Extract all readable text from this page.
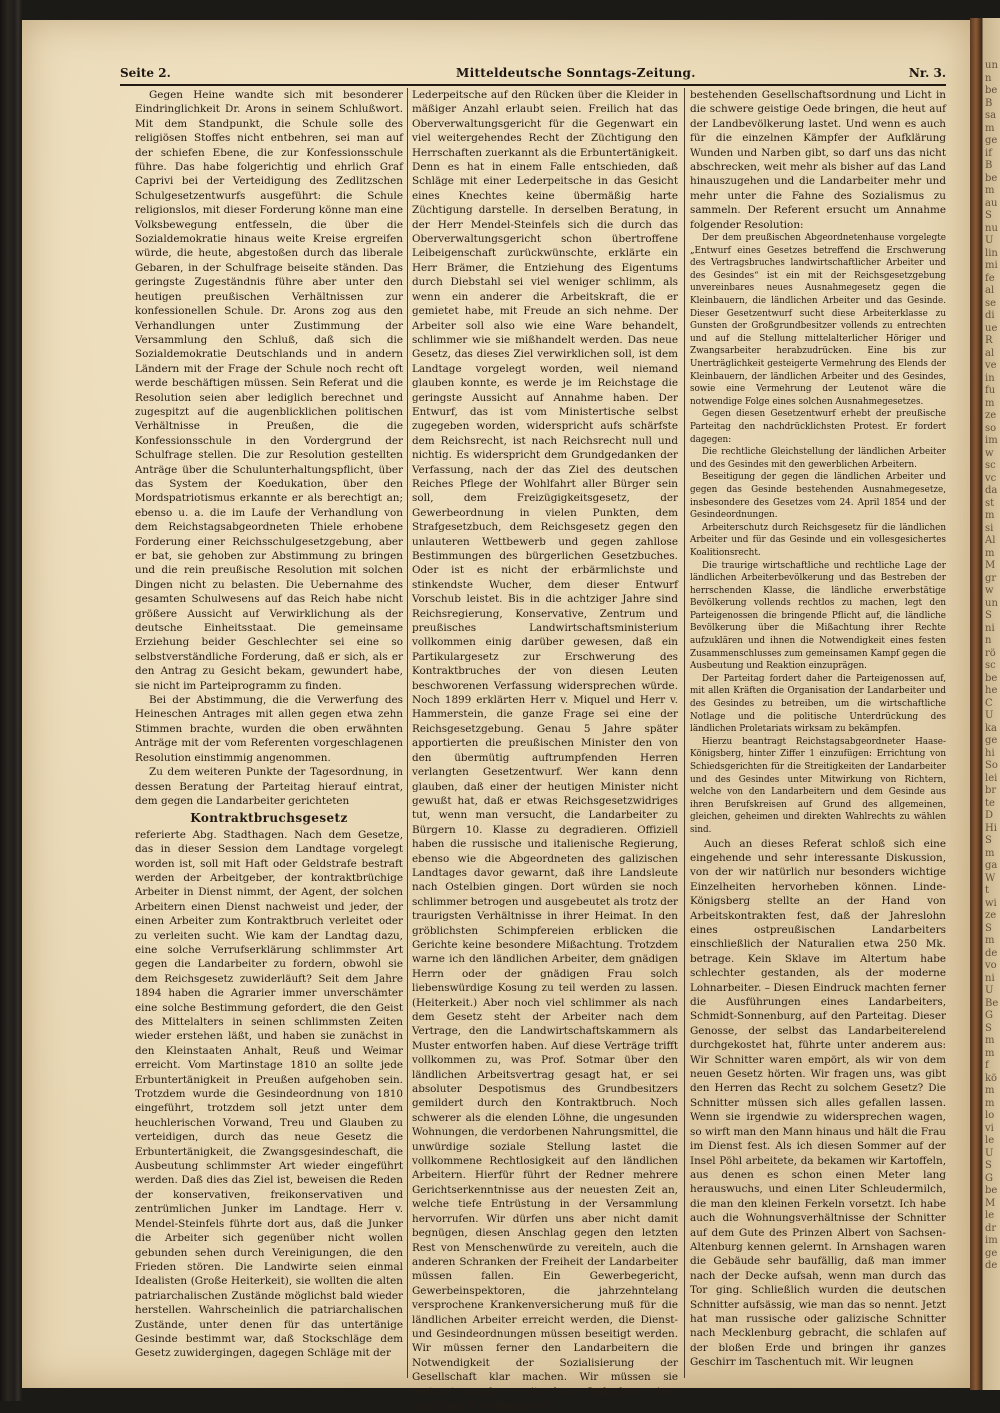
un
n
be
B
sa
m
ge
if
B
be
m
au
S
nu
U
lin
mi
fe
al
se
di
ue
R
al
ve
in
fu
m
ze
so
im
w
sc
vc
da
st
m
si
Al
m
M
gr
w
un
S
ni
n
rö
sc
be
he
C
U
ka
ge
hi
So
lei
br
te
D
Hi
S
m
ga
W
t
wi
ze
S
m
de
vo
ni
U
Be
G
S
m
m
f
kö
m
m
lo
vi
le
U
S
G
be
M
le
dr
im
ge
de
Seite 2.	Mitteldeutsche Sonntags-Zeitung.	Nr. 3.

Gegen Heine wandte sich mit besonderer Eindringlichkeit Dr. Arons in seinem Schlußwort. Mit dem Standpunkt, die Schule solle des religiösen Stoffes nicht entbehren, sei man auf der schiefen Ebene, die zur Konfessionsschule führe. Das habe folgerichtig und ehrlich Graf Caprivi bei der Verteidigung des Zedlitzschen Schulgesetzentwurfs ausgeführt: die Schule religionslos, mit dieser Forderung könne man eine Volksbewegung entfesseln, die über die Sozialdemokratie hinaus weite Kreise ergreifen würde, die heute, abgestoßen durch das liberale Gebaren, in der Schulfrage beiseite ständen. Das geringste Zugeständnis führe aber unter den heutigen preußischen Verhältnissen zur konfessionellen Schule. Dr. Arons zog aus den Verhandlungen unter Zustimmung der Versammlung den Schluß, daß sich die Sozialdemokratie Deutschlands und in andern Ländern mit der Frage der Schule noch recht oft werde beschäftigen müssen. Sein Referat und die Resolution seien aber lediglich berechnet und zugespitzt auf die augenblicklichen politischen Verhältnisse in Preußen, die die Konfessionsschule in den Vordergrund der Schulfrage stellen. Die zur Resolution gestellten Anträge über die Schulunterhaltungspflicht, über das System der Koedukation, über den Mordspatriotismus erkannte er als berechtigt an; ebenso u. a. die im Laufe der Verhandlung von dem Reichstagsabgeordneten Thiele erhobene Forderung einer Reichsschulgesetzgebung, aber er bat, sie gehoben zur Abstimmung zu bringen und die rein preußische Resolution mit solchen Dingen nicht zu belasten. Die Uebernahme des gesamten Schulwesens auf das Reich habe nicht größere Aussicht auf Verwirklichung als der deutsche Einheitsstaat. Die gemeinsame Erziehung beider Geschlechter sei eine so selbstverständliche Forderung, daß er sich, als er den Antrag zu Gesicht bekam, gewundert habe, sie nicht im Parteiprogramm zu finden.

Bei der Abstimmung, die die Verwerfung des Heineschen Antrages mit allen gegen etwa zehn Stimmen brachte, wurden die oben erwähnten Anträge mit der vom Referenten vorgeschlagenen Resolution einstimmig angenommen.

Zu dem weiteren Punkte der Tagesordnung, in dessen Beratung der Parteitag hierauf eintrat, dem gegen die Landarbeiter gerichteten

Kontraktbruchsgesetz

referierte Abg. Stadthagen. Nach dem Gesetze, das in dieser Session dem Landtage vorgelegt worden ist, soll mit Haft oder Geldstrafe bestraft werden der Arbeitgeber, der kontraktbrüchige Arbeiter in Dienst nimmt, der Agent, der solchen Arbeitern einen Dienst nachweist und jeder, der einen Arbeiter zum Kontraktbruch verleitet oder zu verleiten sucht. Wie kam der Landtag dazu, eine solche Verrufserklärung schlimmster Art gegen die Landarbeiter zu fordern, obwohl sie dem Reichsgesetz zuwiderläuft? Seit dem Jahre 1894 haben die Agrarier immer unverschämter eine solche Bestimmung gefordert, die den Geist des Mittelalters in seinen schlimmsten Zeiten wieder erstehen läßt, und haben sie zunächst in den Kleinstaaten Anhalt, Reuß und Weimar erreicht. Vom Martinstage 1810 an sollte jede Erbuntertänigkeit in Preußen aufgehoben sein. Trotzdem wurde die Gesindeordnung von 1810 eingeführt, trotzdem soll jetzt unter dem heuchlerischen Vorwand, Treu und Glauben zu verteidigen, durch das neue Gesetz die Erbuntertänigkeit, die Zwangsgesindeschaft, die Ausbeutung schlimmster Art wieder eingeführt werden. Daß dies das Ziel ist, beweisen die Reden der konservativen, freikonservativen und zentrümlichen Junker im Landtage. Herr v. Mendel-Steinfels führte dort aus, daß die Junker die Arbeiter sich gegenüber nicht wollen gebunden sehen durch Vereinigungen, die den Frieden stören. Die Landwirte seien einmal Idealisten (Große Heiterkeit), sie wollten die alten patriarchalischen Zustände möglichst bald wieder herstellen. Wahrscheinlich die patriarchalischen Zustände, unter denen für das untertänige Gesinde bestimmt war, daß Stockschläge dem Gesetz zuwidergingen, dagegen Schläge mit der

Lederpeitsche auf den Rücken über die Kleider in mäßiger Anzahl erlaubt seien. Freilich hat das Oberverwaltungsgericht für die Gegenwart ein viel weitergehendes Recht der Züchtigung den Herrschaften zuerkannt als die Erbuntertänigkeit. Denn es hat in einem Falle entschieden, daß Schläge mit einer Lederpeitsche in das Gesicht eines Knechtes keine übermäßig harte Züchtigung darstelle. In derselben Beratung, in der Herr Mendel-Steinfels sich die durch das Oberverwaltungsgericht schon übertroffene Leibeigenschaft zurückwünschte, erklärte ein Herr Brämer, die Entziehung des Eigentums durch Diebstahl sei viel weniger schlimm, als wenn ein anderer die Arbeitskraft, die er gemietet habe, mit Freude an sich nehme. Der Arbeiter soll also wie eine Ware behandelt, schlimmer wie sie mißhandelt werden. Das neue Gesetz, das dieses Ziel verwirklichen soll, ist dem Landtage vorgelegt worden, weil niemand glauben konnte, es werde je im Reichstage die geringste Aussicht auf Annahme haben. Der Entwurf, das ist vom Ministertische selbst zugegeben worden, widerspricht aufs schärfste dem Reichsrecht, ist nach Reichsrecht null und nichtig. Es widerspricht dem Grundgedanken der Verfassung, nach der das Ziel des deutschen Reiches Pflege der Wohlfahrt aller Bürger sein soll, dem Freizügigkeitsgesetz, der Gewerbeordnung in vielen Punkten, dem Strafgesetzbuch, dem Reichsgesetz gegen den unlauteren Wettbewerb und gegen zahllose Bestimmungen des bürgerlichen Gesetzbuches. Oder ist es nicht der erbärmlichste und stinkendste Wucher, dem dieser Entwurf Vorschub leistet. Bis in die achtziger Jahre sind Reichsregierung, Konservative, Zentrum und preußisches Landwirtschaftsministerium vollkommen einig darüber gewesen, daß ein Partikulargesetz zur Erschwerung des Kontraktbruches der von diesen Leuten beschworenen Verfassung widersprechen würde. Noch 1899 erklärten Herr v. Miquel und Herr v. Hammerstein, die ganze Frage sei eine der Reichsgesetzgebung. Genau 5 Jahre später apportierten die preußischen Minister den von den übermütig auftrumpfenden Herren verlangten Gesetzentwurf. Wer kann denn glauben, daß einer der heutigen Minister nicht gewußt hat, daß er etwas Reichsgesetzwidriges tut, wenn man versucht, die Landarbeiter zu Bürgern 10. Klasse zu degradieren. Offiziell haben die russische und italienische Regierung, ebenso wie die Abgeordneten des galizischen Landtages davor gewarnt, daß ihre Landsleute nach Ostelbien gingen. Dort würden sie noch schlimmer betrogen und ausgebeutet als trotz der traurigsten Verhältnisse in ihrer Heimat. In den gröblichsten Schimpfereien erblicken die Gerichte keine besondere Mißachtung. Trotzdem warne ich den ländlichen Arbeiter, dem gnädigen Herrn oder der gnädigen Frau solch liebenswürdige Kosung zu teil werden zu lassen. (Heiterkeit.) Aber noch viel schlimmer als nach dem Gesetz steht der Arbeiter nach dem Vertrage, den die Landwirtschaftskammern als Muster entworfen haben. Auf diese Verträge trifft vollkommen zu, was Prof. Sotmar über den ländlichen Arbeitsvertrag gesagt hat, er sei absoluter Despotismus des Grundbesitzers gemildert durch den Kontraktbruch. Noch schwerer als die elenden Löhne, die ungesunden Wohnungen, die verdorbenen Nahrungsmittel, die unwürdige soziale Stellung lastet die vollkommene Rechtlosigkeit auf den ländlichen Arbeitern. Hierfür führt der Redner mehrere Gerichtserkenntnisse aus der neuesten Zeit an, welche tiefe Entrüstung in der Versammlung hervorrufen. Wir dürfen uns aber nicht damit begnügen, diesen Anschlag gegen den letzten Rest von Menschenwürde zu vereiteln, auch die anderen Schranken der Freiheit der Landarbeiter müssen fallen. Ein Gewerbegericht, Gewerbeinspektoren, die jahrzehntelang versprochene Krankenversicherung muß für die ländlichen Arbeiter erreicht werden, die Dienst- und Gesindeordnungen müssen beseitigt werden. Wir müssen ferner den Landarbeitern die Notwendigkeit der Sozialisierung der Gesellschaft klar machen. Wir müssen sie vertraut machen mit dem Gedanken einer endlichen Beseitigung der

bestehenden Gesellschaftsordnung und Licht in die schwere geistige Oede bringen, die heut auf der Landbevölkerung lastet. Und wenn es auch für die einzelnen Kämpfer der Aufklärung Wunden und Narben gibt, so darf uns das nicht abschrecken, weit mehr als bisher auf das Land hinauszugehen und die Landarbeiter mehr und mehr unter die Fahne des Sozialismus zu sammeln. Der Referent ersucht um Annahme folgender Resolution:

Der dem preußischen Abgeordnetenhause vorgelegte „Entwurf eines Gesetzes betreffend die Erschwerung des Vertragsbruches landwirtschaftlicher Arbeiter und des Gesindes“ ist ein mit der Reichsgesetzgebung unvereinbares neues Ausnahmegesetz gegen die Kleinbauern, die ländlichen Arbeiter und das Gesinde. Dieser Gesetzentwurf sucht diese Arbeiterklasse zu Gunsten der Großgrundbesitzer vollends zu entrechten und auf die Stellung mittelalterlicher Höriger und Zwangsarbeiter herabzudrücken. Eine bis zur Unerträglichkeit gesteigerte Vermehrung des Elends der Kleinbauern, der ländlichen Arbeiter und des Gesindes, sowie eine Vermehrung der Leutenot wäre die notwendige Folge eines solchen Ausnahmegesetzes.

Gegen diesen Gesetzentwurf erhebt der preußische Parteitag den nachdrücklichsten Protest. Er fordert dagegen:

Die rechtliche Gleichstellung der ländlichen Arbeiter und des Gesindes mit den gewerblichen Arbeitern.

Beseitigung der gegen die ländlichen Arbeiter und gegen das Gesinde bestehenden Ausnahmegesetze, insbesondere des Gesetzes vom 24. April 1854 und der Gesindeordnungen.

Arbeiterschutz durch Reichsgesetz für die ländlichen Arbeiter und für das Gesinde und ein vollesgesichertes Koalitionsrecht.

Die traurige wirtschaftliche und rechtliche Lage der ländlichen Arbeiterbevölkerung und das Bestreben der herrschenden Klasse, die ländliche erwerbstätige Bevölkerung vollends rechtlos zu machen, legt den Parteigenossen die bringende Pflicht auf, die ländliche Bevölkerung über die Mißachtung ihrer Rechte aufzuklären und ihnen die Notwendigkeit eines festen Zusammenschlusses zum gemeinsamen Kampf gegen die Ausbeutung und Reaktion einzuprägen.

Der Parteitag fordert daher die Parteigenossen auf, mit allen Kräften die Organisation der Landarbeiter und des Gesindes zu betreiben, um die wirtschaftliche Notlage und die politische Unterdrückung des ländlichen Proletariats wirksam zu bekämpfen.

Hierzu beantragt Reichstagsabgeordneter Haase-Königsberg, hinter Ziffer 1 einzufügen: Errichtung von Schiedsgerichten für die Streitigkeiten der Landarbeiter und des Gesindes unter Mitwirkung von Richtern, welche von den Landarbeitern und dem Gesinde aus ihren Berufskreisen auf Grund des allgemeinen, gleichen, geheimen und direkten Wahlrechts zu wählen sind.

Auch an dieses Referat schloß sich eine eingehende und sehr interessante Diskussion, von der wir natürlich nur besonders wichtige Einzelheiten hervorheben können. Linde-Königsberg stellte an der Hand von Arbeitskontrakten fest, daß der Jahreslohn eines ostpreußischen Landarbeiters einschließlich der Naturalien etwa 250 Mk. betrage. Kein Sklave im Altertum habe schlechter gestanden, als der moderne Lohnarbeiter. – Diesen Eindruck machten ferner die Ausführungen eines Landarbeiters, Schmidt-Sonnenburg, auf den Parteitag. Dieser Genosse, der selbst das Landarbeiterelend durchgekostet hat, führte unter anderem aus: Wir Schnitter waren empört, als wir von dem neuen Gesetz hörten. Wir fragen uns, was gibt den Herren das Recht zu solchem Gesetz? Die Schnitter müssen sich alles gefallen lassen. Wenn sie irgendwie zu widersprechen wagen, so wirft man den Mann hinaus und hält die Frau im Dienst fest. Als ich diesen Sommer auf der Insel Pöhl arbeitete, da bekamen wir Kartoffeln, aus denen es schon einen Meter lang herauswuchs, und einen Liter Schleudermilch, die man den kleinen Ferkeln vorsetzt. Ich habe auch die Wohnungsverhältnisse der Schnitter auf dem Gute des Prinzen Albert von Sachsen-Altenburg kennen gelernt. In Arnshagen waren die Gebäude sehr baufällig, daß man immer nach der Decke aufsah, wenn man durch das Tor ging. Schließlich wurden die deutschen Schnitter aufsässig, wie man das so nennt. Jetzt hat man russische oder galizische Schnitter nach Mecklenburg gebracht, die schlafen auf der bloßen Erde und bringen ihr ganzes Geschirr im Taschentuch mit. Wir leugnen
